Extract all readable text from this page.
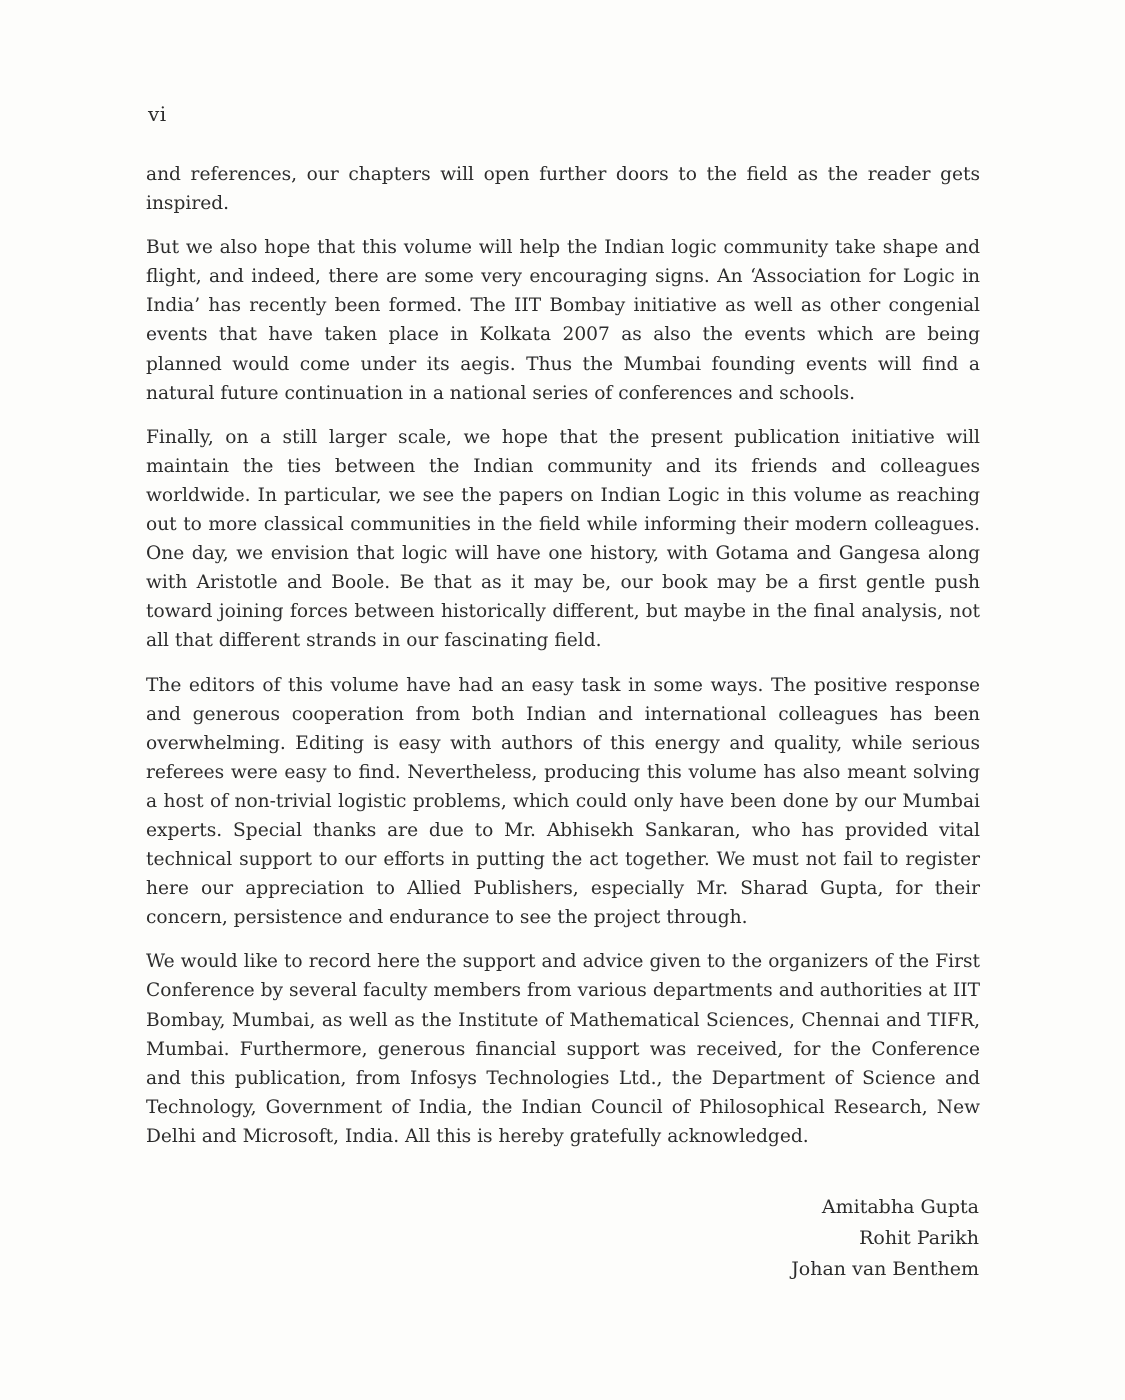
vi

and references, our chapters will open further doors to the field as the reader gets inspired.

But we also hope that this volume will help the Indian logic community take shape and flight, and indeed, there are some very encouraging signs. An ‘Association for Logic in India’ has recently been formed. The IIT Bombay initiative as well as other congenial events that have taken place in Kolkata 2007 as also the events which are being planned would come under its aegis. Thus the Mumbai founding events will find a natural future continuation in a national series of conferences and schools.

Finally, on a still larger scale, we hope that the present publication initiative will maintain the ties between the Indian community and its friends and colleagues worldwide. In particular, we see the papers on Indian Logic in this volume as reaching out to more classical communities in the field while informing their modern colleagues. One day, we envision that logic will have one history, with Gotama and Gangesa along with Aristotle and Boole. Be that as it may be, our book may be a first gentle push toward joining forces between historically different, but maybe in the final analysis, not all that different strands in our fascinating field.

The editors of this volume have had an easy task in some ways. The positive response and generous cooperation from both Indian and international colleagues has been overwhelming. Editing is easy with authors of this energy and quality, while serious referees were easy to find. Nevertheless, producing this volume has also meant solving a host of non-trivial logistic problems, which could only have been done by our Mumbai experts. Special thanks are due to Mr. Abhisekh Sankaran, who has provided vital technical support to our efforts in putting the act together. We must not fail to register here our appreciation to Allied Publishers, especially Mr. Sharad Gupta, for their concern, persistence and endurance to see the project through.

We would like to record here the support and advice given to the organizers of the First Conference by several faculty members from various departments and authorities at IIT Bombay, Mumbai, as well as the Institute of Mathematical Sciences, Chennai and TIFR, Mumbai. Furthermore, generous financial support was received, for the Conference and this publication, from Infosys Technologies Ltd., the Department of Science and Technology, Government of India, the Indian Council of Philosophical Research, New Delhi and Microsoft, India. All this is hereby gratefully acknowledged.

Amitabha Gupta
Rohit Parikh
Johan van Benthem
